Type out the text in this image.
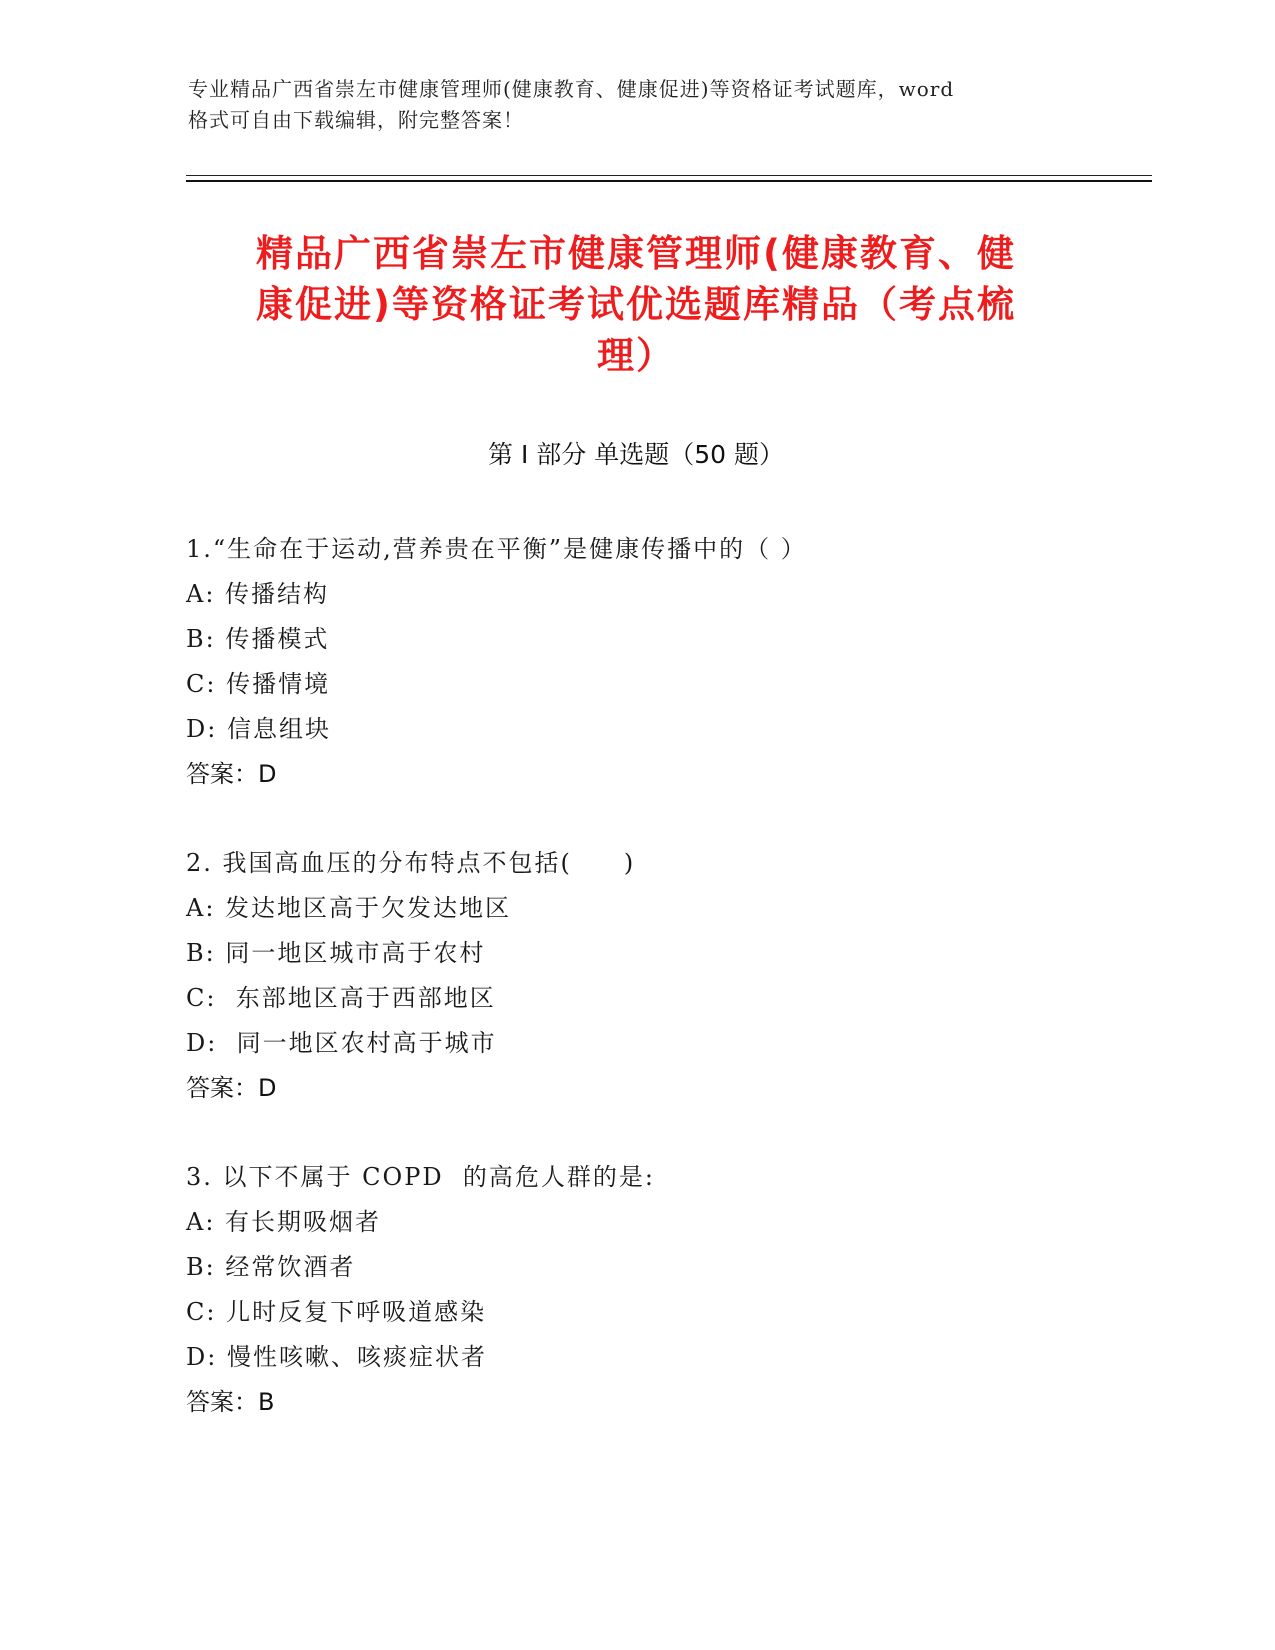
专业精品广西省崇左市健康管理师(健康教育、健康促进)等资格证考试题库，word
格式可自由下载编辑，附完整答案！
精品广西省崇左市健康管理师(健康教育、健
康促进)等资格证考试优选题库精品（考点梳
理）
第 I 部分 单选题（50 题）
1.“生命在于运动,营养贵在平衡”是健康传播中的（ ）
A: 传播结构
B: 传播模式
C: 传播情境
D: 信息组块
答案：D
2. 我国高血压的分布特点不包括(　　)
A: 发达地区高于欠发达地区
B: 同一地区城市高于农村
C:  东部地区高于西部地区
D:  同一地区农村高于城市
答案：D
3. 以下不属于 COPD  的高危人群的是:
A: 有长期吸烟者
B: 经常饮酒者
C: 儿时反复下呼吸道感染
D: 慢性咳嗽、咳痰症状者
答案：B
